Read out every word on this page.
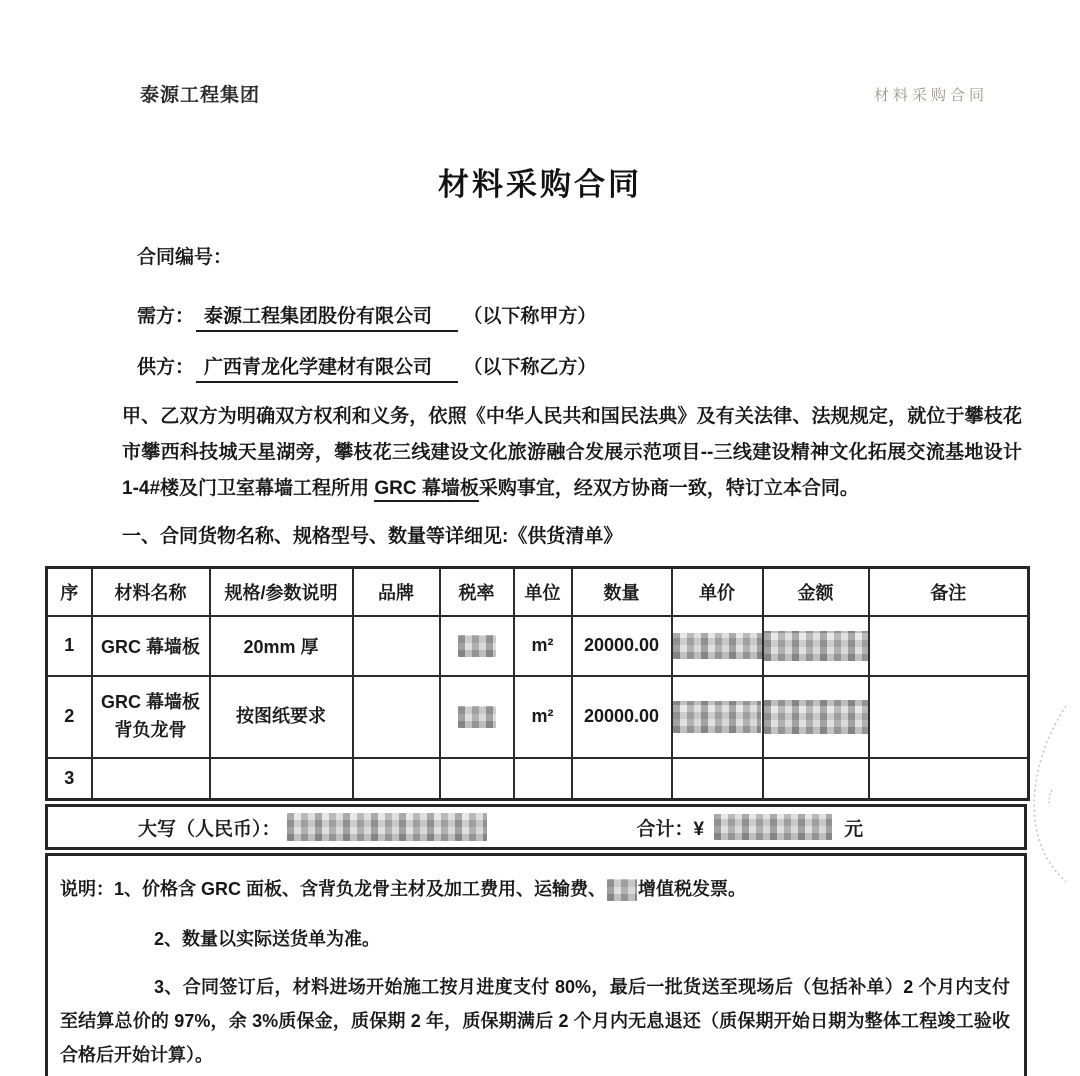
泰源工程集团	材料采购合同
材料采购合同
合同编号：
需方： 泰源工程集团股份有限公司 （以下称甲方）
供方： 广西青龙化学建材有限公司 （以下称乙方）

甲、乙双方为明确双方权利和义务，依照《中华人民共和国民法典》及有关法律、法规规定，就位于攀枝花市攀西科技城天星湖旁，攀枝花三线建设文化旅游融合发展示范项目--三线建设精神文化拓展交流基地设计 1-4#楼及门卫室幕墙工程所用 GRC 幕墙板采购事宜，经双方协商一致，特订立本合同。

一、合同货物名称、规格型号、数量等详细见:《供货清单》
序	材料名称	规格/参数说明	品牌	税率	单位	数量	单价	金额	备注
1	GRC 幕墙板	20mm 厚			m²	20000.00			
2	GRC 幕墙板 背负龙骨	按图纸要求			m²	20000.00			
3									
大写（人民币）：	合计：¥	元

说明：1、价格含 GRC 面板、含背负龙骨主材及加工费用、运输费、 增值税发票。

2、数量以实际送货单为准。

3、合同签订后，材料进场开始施工按月进度支付 80%，最后一批货送至现场后（包括补单）2 个月内支付至结算总价的 97%，余 3%质保金，质保期 2 年，质保期满后 2 个月内无息退还（质保期开始日期为整体工程竣工验收合格后开始计算）。
